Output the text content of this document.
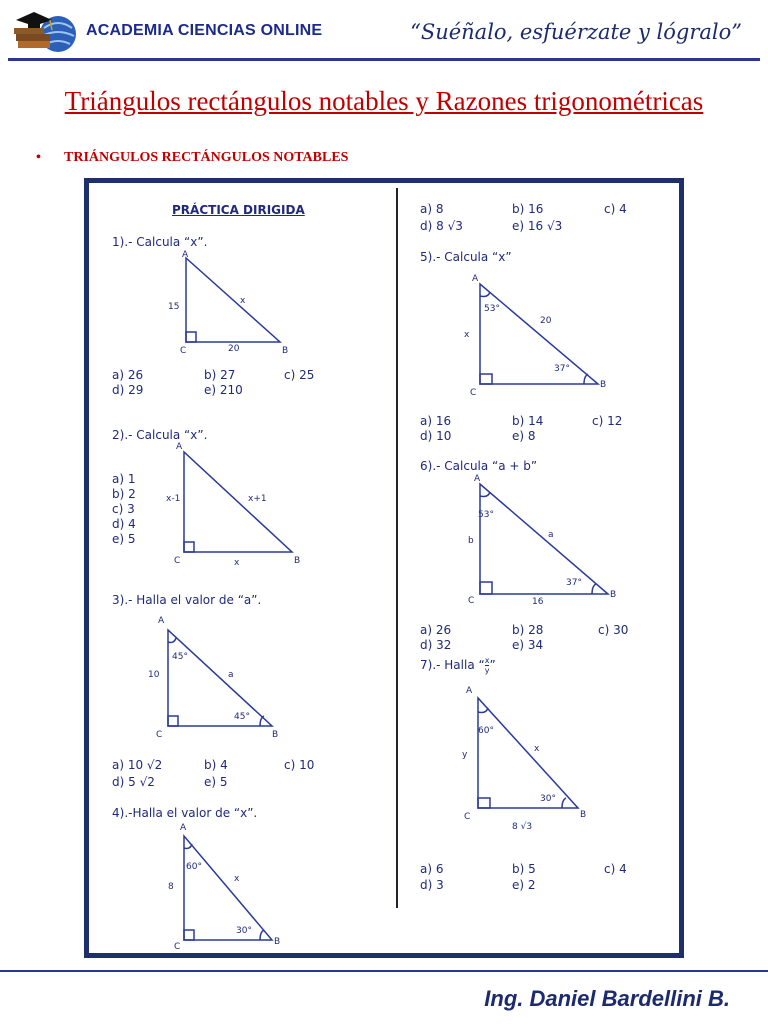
ACADEMIA CIENCIAS ONLINE	“Suéñalo, esfuérzate y lógralo”
Triángulos rectángulos notables y Razones trigonométricas
• TRIÁNGULOS RECTÁNGULOS NOTABLES
PRÁCTICA DIRIGIDA
1).- Calcula “x”.
A
15
x
C	20	B
a) 26	b) 27	c) 25
d) 29	e) 210
2).- Calcula “x”.
A
x-1	x+1
a) 1
b) 2
c) 3
d) 4
e) 5
C	x	B
3).- Halla el valor de “a”.
A
45°
10	a
45°
C	B
a) 10 √2	b) 4	c) 10
d) 5 √2	e) 5
4).-Halla el valor de “x”.
A
60°
8
x
30°
C	B
a) 8	b) 16	c) 4
d) 8 √3	e) 16 √3
5).- Calcula “x”
A
53°
20
x
37°
C
B
a) 16	b) 14	c) 12
d) 10	e) 8
6).- Calcula “a + b”
A
53°
a
b
37°
C	16
B
a) 26	b) 28	c) 30
d) 32	e) 34
7).- Halla “ $\frac{x}{y}$ ”
A
60°
x
y
30°
C	B
8 √3
a) 6	b) 5	c) 4
d) 3	e) 2
Ing. Daniel Bardellini B.
